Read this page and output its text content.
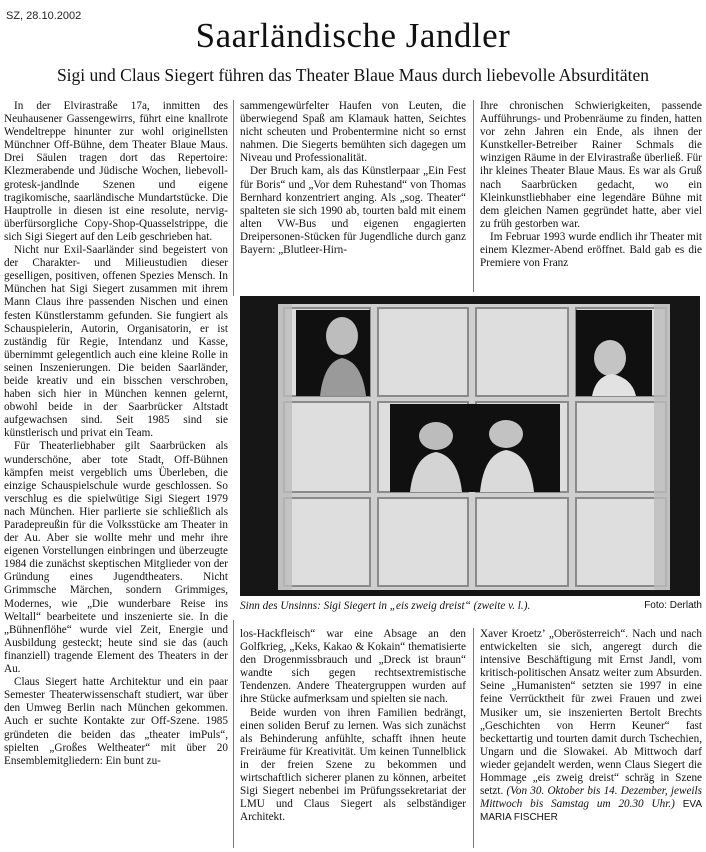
SZ, 28.10.2002	Saarländische Jandler
Sigi und Claus Siegert führen das Theater Blaue Maus durch liebevolle Absurditäten

In der Elvirastraße 17a, inmitten des Neuhausener Gassengewirrs, führt eine knallrote Wendeltreppe hinunter zur wohl originellsten Münchner Off-Bühne, dem Theater Blaue Maus. Drei Säulen tragen dort das Repertoire: Klezmerabende und Jüdische Wochen, liebevoll-grotesk-jandlnde Szenen und eigene tragikomische, saarländische Mundartstücke. Die Hauptrolle in diesen ist eine resolute, nervig-überfürsorgliche Copy-Shop-Quasselstrippe, die sich Sigi Siegert auf den Leib geschrieben hat.

Nicht nur Exil-Saarländer sind begeistert von der Charakter- und Milieustudien dieser geselligen, positiven, offenen Spezies Mensch. In München hat Sigi Siegert zusammen mit ihrem Mann Claus ihre passenden Nischen und einen festen Künstlerstamm gefunden. Sie fungiert als Schauspielerin, Autorin, Organisatorin, er ist zuständig für Regie, Intendanz und Kasse, übernimmt gelegentlich auch eine kleine Rolle in seinen Inszenierungen. Die beiden Saarländer, beide kreativ und ein bisschen verschroben, haben sich hier in München kennen gelernt, obwohl beide in der Saarbrücker Altstadt aufgewachsen sind. Seit 1985 sind sie künstlerisch und privat ein Team.

Für Theaterliebhaber gilt Saarbrücken als wunderschöne, aber tote Stadt, Off-Bühnen kämpfen meist vergeblich ums Überleben, die einzige Schauspielschule wurde geschlossen. So verschlug es die spielwütige Sigi Siegert 1979 nach München. Hier parlierte sie schließlich als Paradepreußin für die Volksstücke am Theater in der Au. Aber sie wollte mehr und mehr ihre eigenen Vorstellungen einbringen und überzeugte 1984 die zunächst skeptischen Mitglieder von der Gründung eines Jugendtheaters. Nicht Grimmsche Märchen, sondern Grimmiges, Modernes, wie „Die wunderbare Reise ins Weltall“ bearbeitete und inszenierte sie. In die „Bühnenflöhe“ wurde viel Zeit, Energie und Ausbildung gesteckt; heute sind sie das (auch finanziell) tragende Element des Theaters in der Au.

Claus Siegert hatte Architektur und ein paar Semester Theaterwissenschaft studiert, war über den Umweg Berlin nach München gekommen. Auch er suchte Kontakte zur Off-Szene. 1985 gründeten die beiden das „theater imPuls“, spielten „Großes Weltheater“ mit über 20 Ensemblemitgliedern: Ein bunt zu-

sammengewürfelter Haufen von Leuten, die überwiegend Spaß am Klamauk hatten, Seichtes nicht scheuten und Probentermine nicht so ernst nahmen. Die Siegerts bemühten sich dagegen um Niveau und Professionalität.

Der Bruch kam, als das Künstlerpaar „Ein Fest für Boris“ und „Vor dem Ruhestand“ von Thomas Bernhard konzentriert anging. Als „sog. Theater“ spalteten sie sich 1990 ab, tourten bald mit einem alten VW-Bus und eigenen engagierten Dreipersonen-Stücken für Jugendliche durch ganz Bayern: „Blutleer-Hirn-

Ihre chronischen Schwierigkeiten, passende Aufführungs- und Probenräume zu finden, hatten vor zehn Jahren ein Ende, als ihnen der Kunstkeller-Betreiber Rainer Schmals die winzigen Räume in der Elvirastraße überließ. Für ihr kleines Theater Blaue Maus. Es war als Gruß nach Saarbrücken gedacht, wo ein Kleinkunstliebhaber eine legendäre Bühne mit dem gleichen Namen gegründet hatte, aber viel zu früh gestorben war.

Im Februar 1993 wurde endlich ihr Theater mit einem Klezmer-Abend eröffnet. Bald gab es die Premiere von Franz

Sinn des Unsinns: Sigi Siegert in „eis zweig dreist“ (zweite v. l.).	Foto: Derlath

los-Hackfleisch“ war eine Absage an den Golfkrieg, „Keks, Kakao & Kokain“ thematisierte den Drogenmissbrauch und „Dreck ist braun“ wandte sich gegen rechtsextremistische Tendenzen. Andere Theatergruppen wurden auf ihre Stücke aufmerksam und spielten sie nach.

Beide wurden von ihren Familien bedrängt, einen soliden Beruf zu lernen. Was sich zunächst als Behinderung anfühlte, schafft ihnen heute Freiräume für Kreativität. Um keinen Tunnelblick in der freien Szene zu bekommen und wirtschaftlich sicherer planen zu können, arbeitet Sigi Siegert nebenbei im Prüfungssekretariat der LMU und Claus Siegert als selbständiger Architekt.

Xaver Kroetz’ „Oberösterreich“. Nach und nach entwickelten sie sich, angeregt durch die intensive Beschäftigung mit Ernst Jandl, vom kritisch-politischen Ansatz weiter zum Absurden. Seine „Humanisten“ setzten sie 1997 in eine feine Verrücktheit für zwei Frauen und zwei Musiker um, sie inszenierten Bertolt Brechts „Geschichten von Herrn Keuner“ fast beckettartig und tourten damit durch Tschechien, Ungarn und die Slowakei. Ab Mittwoch darf wieder gejandelt werden, wenn Claus Siegert die Hommage „eis zweig dreist“ schräg in Szene setzt. (Von 30. Oktober bis 14. Dezember, jeweils Mittwoch bis Samstag um 20.30 Uhr.) EVA MARIA FISCHER
